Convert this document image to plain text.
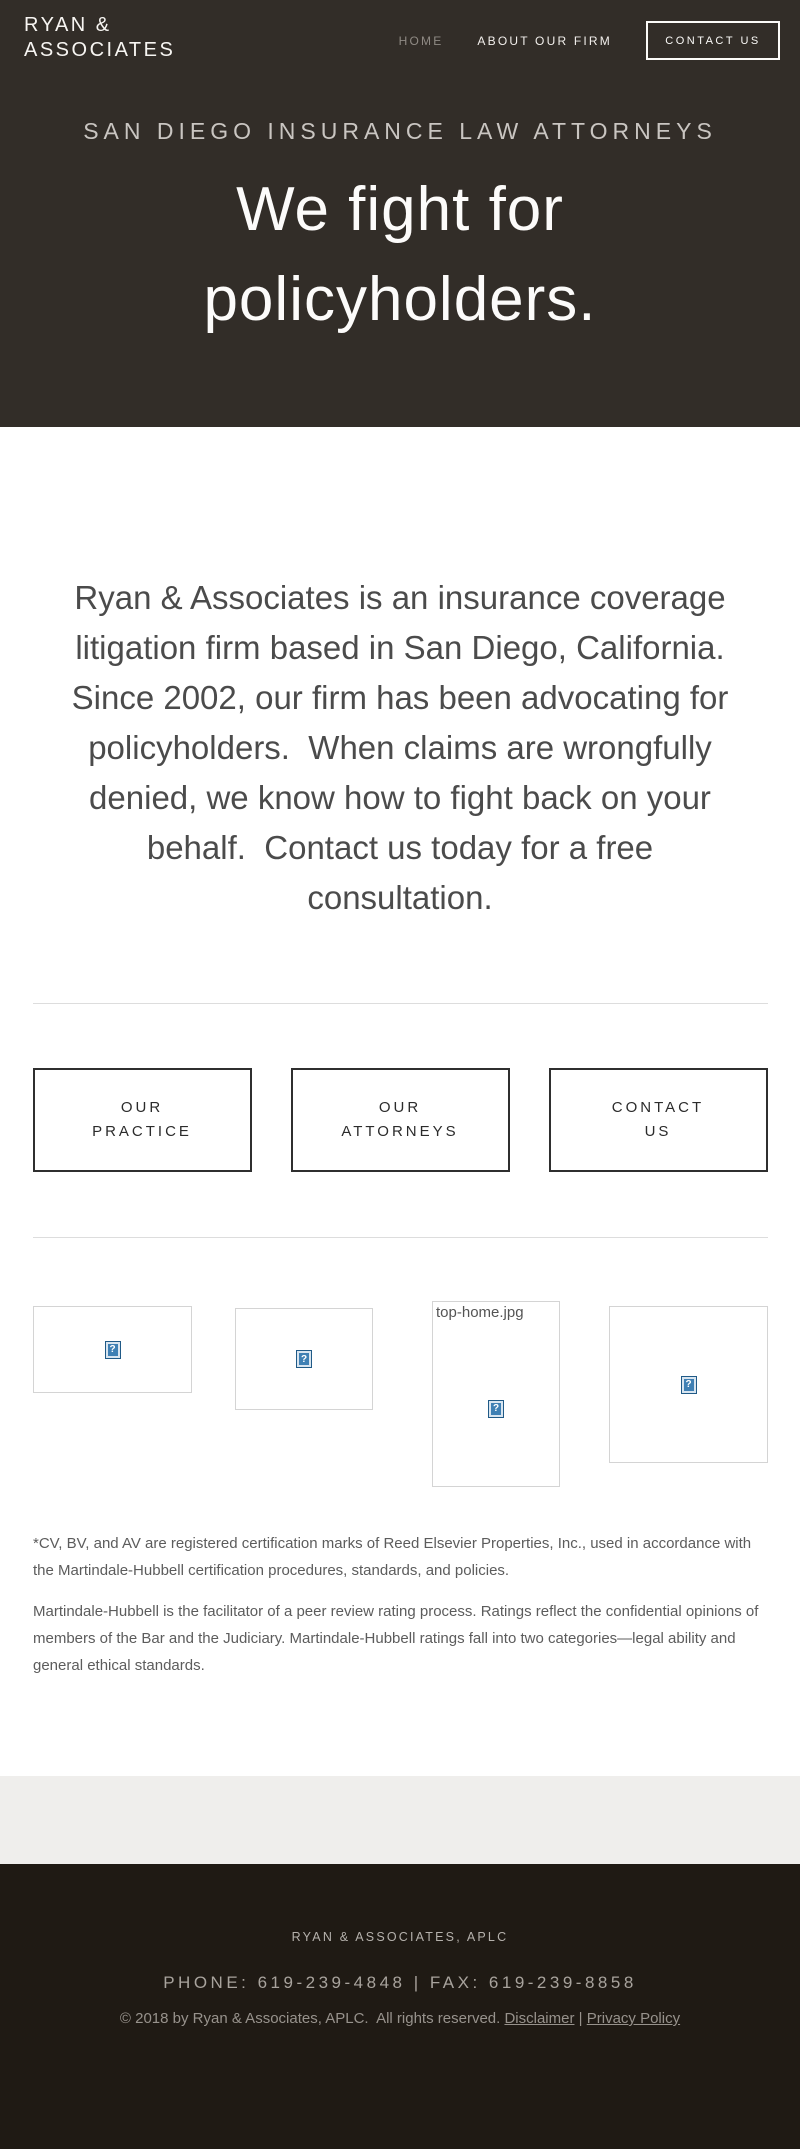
RYAN &
ASSOCIATES	HOME	ABOUT OUR FIRM	CONTACT US
SAN DIEGO INSURANCE LAW ATTORNEYS
We fight for
policyholders.
Ryan & Associates is an insurance coverage
litigation firm based in San Diego, California.
Since 2002, our firm has been advocating for
policyholders.  When claims are wrongfully
denied, we know how to fight back on your
behalf.  Contact us today for a free
consultation.
OUR
PRACTICE
OUR
ATTORNEYS
CONTACT
US
?
?
top-home.jpg
?
?

*CV, BV, and AV are registered certification marks of Reed Elsevier Properties, Inc., used in accordance with the Martindale-Hubbell certification procedures, standards, and policies.

Martindale-Hubbell is the facilitator of a peer review rating process. Ratings reflect the confidential opinions of members of the Bar and the Judiciary. Martindale-Hubbell ratings fall into two categories—legal ability and general ethical standards.

RYAN & ASSOCIATES, APLC
PHONE: 619-239-4848 | FAX: 619-239-8858
© 2018 by Ryan & Associates, APLC.  All rights reserved. Disclaimer | Privacy Policy
